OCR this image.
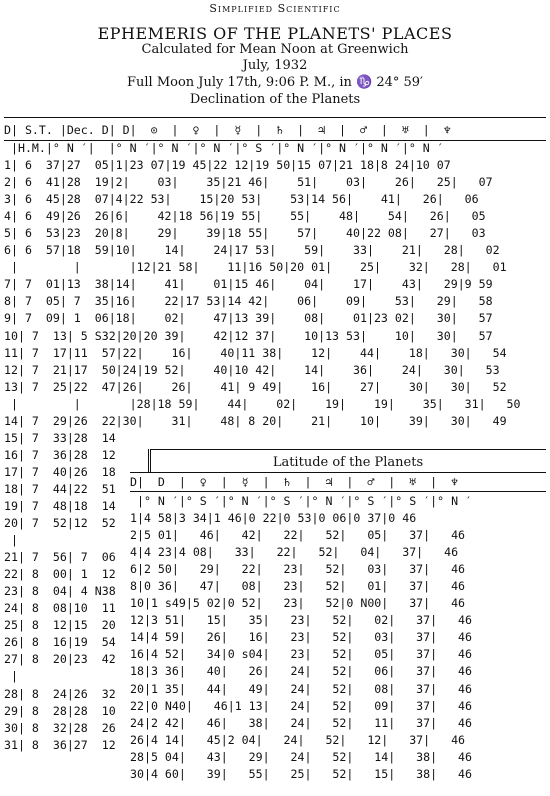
Simplified Scientific
EPHEMERIS OF THE PLANETS' PLACES
Calculated for Mean Noon at Greenwich
July, 1932
Full Moon July 17th, 9:06 P. M., in ♑ 24° 59′
Declination of the Planets
D| S.T. |Dec. D| D|  ⊙  |  ♀  |  ☿  |  ♄  |  ♃  |  ♂  |  ♅  |  ♆
|H.M.|° N ′|  |° N ′|° N ′|° N ′|° S ′|° N ′|° N ′|° N ′|° N ′
1| 6  37|27  05|1|23 07|19 45|22 12|19 50|15 07|21 18|8 24|10 07
2| 6  41|28  19|2|    03|    35|21 46|    51|    03|    26|   25|   07
3| 6  45|28  07|4|22 53|    15|20 53|    53|14 56|    41|   26|   06
4| 6  49|26  26|6|    42|18 56|19 55|    55|    48|    54|   26|   05
5| 6  53|23  20|8|    29|    39|18 55|    57|    40|22 08|   27|   03
6| 6  57|18  59|10|    14|    24|17 53|    59|    33|    21|   28|   02
|        |       |12|21 58|    11|16 50|20 01|    25|    32|   28|   01
7| 7  01|13  38|14|    41|    01|15 46|    04|    17|    43|   29|9 59
8| 7  05| 7  35|16|    22|17 53|14 42|    06|    09|    53|   29|   58
9| 7  09| 1  06|18|    02|    47|13 39|    08|    01|23 02|   30|   57
10| 7  13| 5 S32|20|20 39|    42|12 37|    10|13 53|    10|   30|   57
11| 7  17|11  57|22|    16|    40|11 38|    12|    44|    18|   30|   54
12| 7  21|17  50|24|19 52|    40|10 42|    14|    36|    24|   30|   53
13| 7  25|22  47|26|    26|    41| 9 49|    16|    27|    30|   30|   52
|        |       |28|18 59|    44|    02|    19|    19|    35|   31|   50
14| 7  29|26  22|30|    31|    48| 8 20|    21|    10|    39|   30|   49
15| 7  33|28  14
16| 7  36|28  12
17| 7  40|26  18
18| 7  44|22  51
19| 7  48|18  14
20| 7  52|12  52
|
21| 7  56| 7  06
22| 8  00| 1  12
23| 8  04| 4 N38
24| 8  08|10  11
25| 8  12|15  20
26| 8  16|19  54
27| 8  20|23  42
|
28| 8  24|26  32
29| 8  28|28  10
30| 8  32|28  26
31| 8  36|27  12
Latitude of the Planets
D|  D  |  ♀  |  ☿  |  ♄  |  ♃  |  ♂  |  ♅  |  ♆
|° N ′|° S ′|° N ′|° S ′|° N ′|° S ′|° S ′|° N ′
1|4 58|3 34|1 46|0 22|0 53|0 06|0 37|0 46
2|5 01|   46|   42|   22|   52|   05|   37|   46
4|4 23|4 08|   33|   22|   52|   04|   37|   46
6|2 50|   29|   22|   23|   52|   03|   37|   46
8|0 36|   47|   08|   23|   52|   01|   37|   46
10|1 s49|5 02|0 52|   23|   52|0 N00|   37|   46
12|3 51|   15|   35|   23|   52|   02|   37|   46
14|4 59|   26|   16|   23|   52|   03|   37|   46
16|4 52|   34|0 s04|   23|   52|   05|   37|   46
18|3 36|   40|   26|   24|   52|   06|   37|   46
20|1 35|   44|   49|   24|   52|   08|   37|   46
22|0 N40|   46|1 13|   24|   52|   09|   37|   46
24|2 42|   46|   38|   24|   52|   11|   37|   46
26|4 14|   45|2 04|   24|   52|   12|   37|   46
28|5 04|   43|   29|   24|   52|   14|   38|   46
30|4 60|   39|   55|   25|   52|   15|   38|   46
